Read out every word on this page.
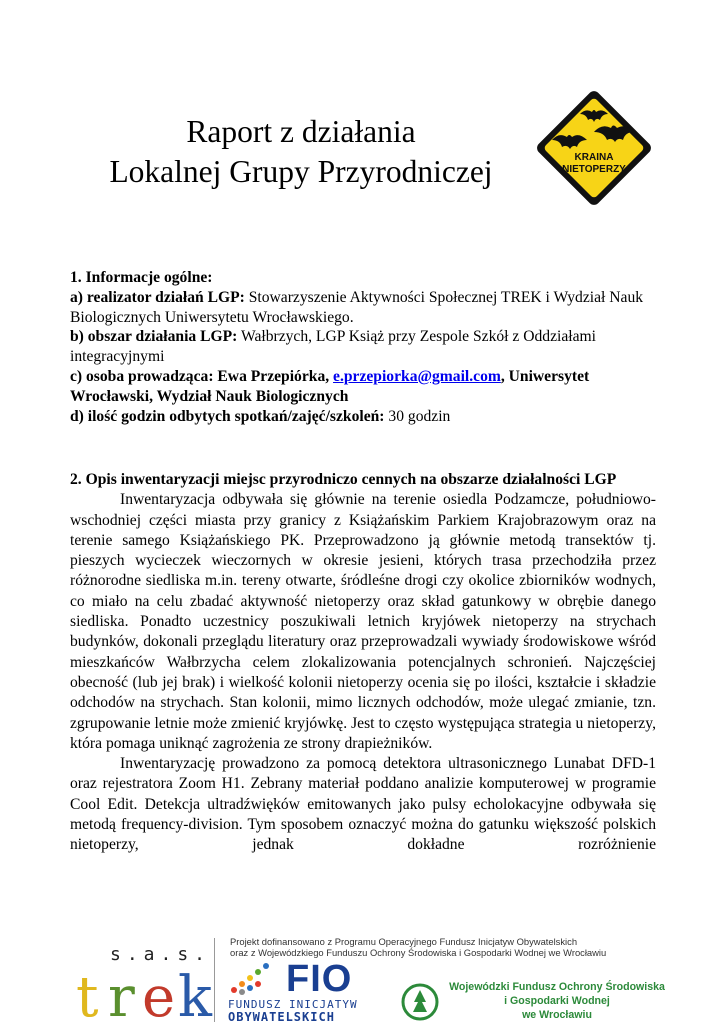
Raport z działania
Lokalnej Grupy Przyrodniczej	KRAINA
NIETOPERZY

1. Informacje ogólne:

a) realizator działań LGP: Stowarzyszenie Aktywności Społecznej TREK i Wydział Nauk Biologicznych Uniwersytetu Wrocławskiego.

b) obszar działania LGP: Wałbrzych, LGP Książ przy Zespole Szkół z Oddziałami integracyjnymi

c) osoba prowadząca: Ewa Przepiórka, e.przepiorka@gmail.com, Uniwersytet Wrocławski, Wydział Nauk Biologicznych

d) ilość godzin odbytych spotkań/zajęć/szkoleń: 30 godzin

2. Opis inwentaryzacji miejsc przyrodniczo cennych na obszarze działalności LGP

Inwentaryzacja odbywała się głównie na terenie osiedla Podzamcze, południowo-wschodniej części miasta przy granicy z Książańskim Parkiem Krajobrazowym oraz na terenie samego Książańskiego PK. Przeprowadzono ją głównie metodą transektów tj. pieszych wycieczek wieczornych w okresie jesieni, których trasa przechodziła przez różnorodne siedliska m.in. tereny otwarte, śródleśne drogi czy okolice zbiorników wodnych, co miało na celu zbadać aktywność nietoperzy oraz skład gatunkowy w obrębie danego siedliska. Ponadto uczestnicy poszukiwali letnich kryjówek nietoperzy na strychach budynków, dokonali przeglądu literatury oraz przeprowadzali wywiady środowiskowe wśród mieszkańców Wałbrzycha celem zlokalizowania potencjalnych schronień. Najczęściej obecność (lub jej brak) i wielkość kolonii nietoperzy ocenia się po ilości, kształcie i składzie odchodów na strychach. Stan kolonii, mimo licznych odchodów, może ulegać zmianie, tzn. zgrupowanie letnie może zmienić kryjówkę. Jest to często występująca strategia u nietoperzy, która pomaga uniknąć zagrożenia ze strony drapieżników.

Inwentaryzację prowadzono za pomocą detektora ultrasonicznego Lunabat DFD-1 oraz rejestratora Zoom H1. Zebrany materiał poddano analizie komputerowej w programie Cool Edit. Detekcja ultradźwięków emitowanych jako pulsy echolokacyjne odbywała się metodą frequency-division. Tym sposobem oznaczyć można do gatunku większość polskich nietoperzy, jednak dokładne rozróżnienie

s.a.s.
t r e k
Projekt dofinansowano z Programu Operacyjnego Fundusz Inicjatyw Obywatelskich
oraz z Wojewódzkiego Funduszu Ochrony Środowiska i Gospodarki Wodnej we Wrocławiu
FIO
FUNDUSZ INICJATYW
OBYWATELSKICH
Wojewódzki Fundusz Ochrony Środowiska
i Gospodarki Wodnej
we Wrocławiu
